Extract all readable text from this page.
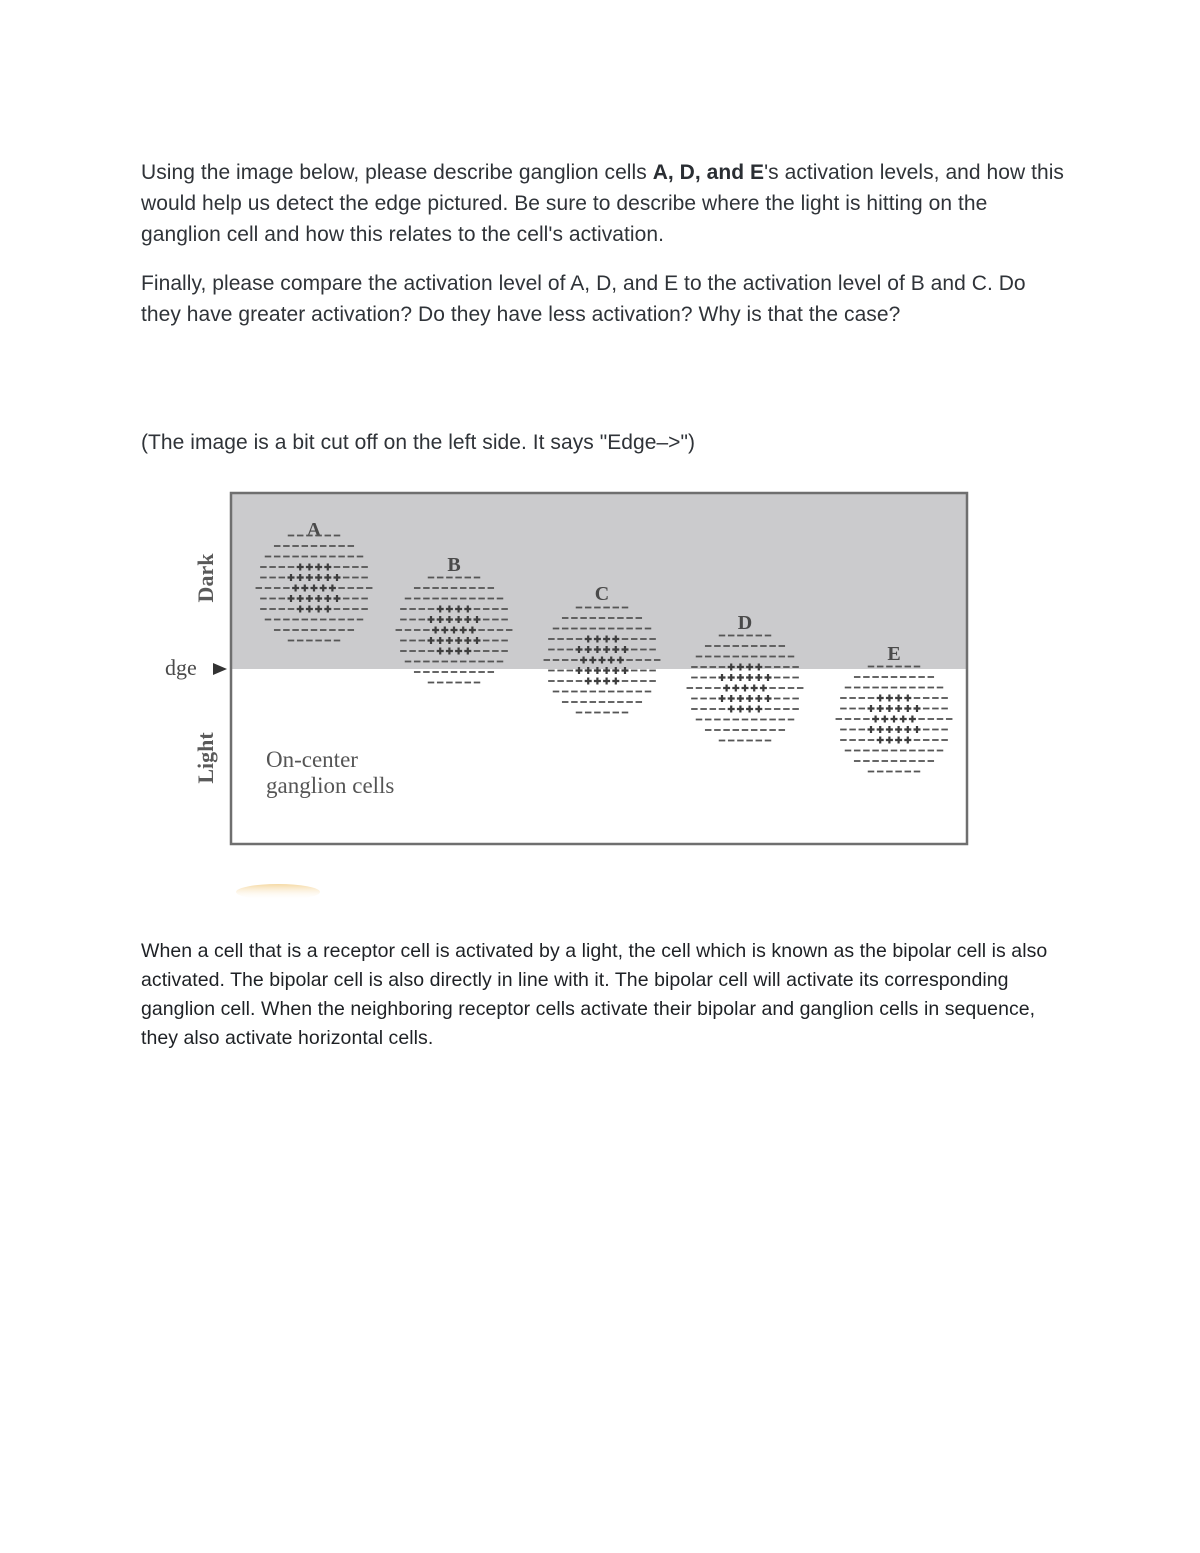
Using the image below, please describe ganglion cells A, D, and E's activation levels, and how this would help us detect the edge pictured. Be sure to describe where the light is hitting on the ganglion cell and how this relates to the cell's activation.

Finally, please compare the activation level of A, D, and E to the activation level of B and C. Do they have greater activation? Do they have less activation? Why is that the case?

(The image is a bit cut off on the left side. It says "Edge–>")

Dark
Light
dge
On-center
ganglion cells
A
B
C
D
E

When a cell that is a receptor cell is activated by a light, the cell which is known as the bipolar cell is also activated. The bipolar cell is also directly in line with it. The bipolar cell will activate its corresponding ganglion cell. When the neighboring receptor cells activate their bipolar and ganglion cells in sequence, they also activate horizontal cells.
